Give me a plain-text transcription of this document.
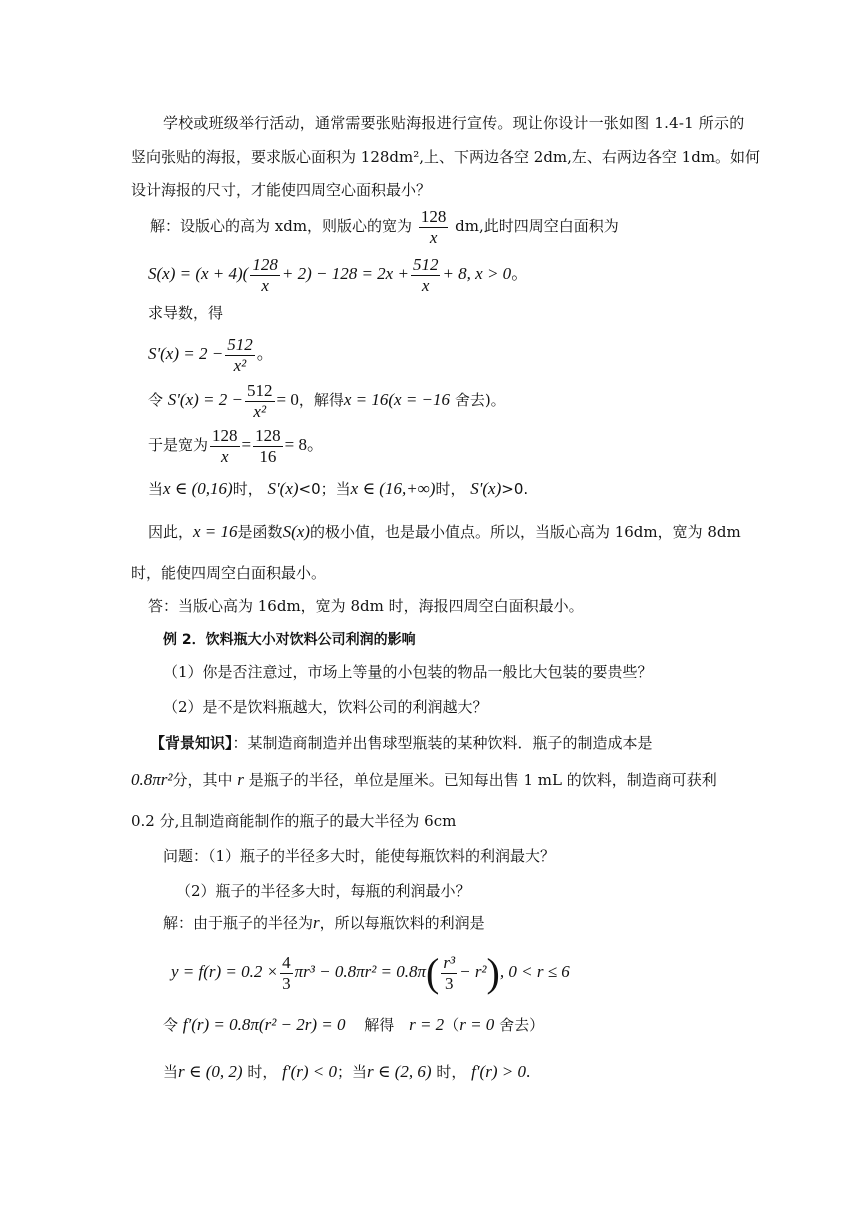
学校或班级举行活动，通常需要张贴海报进行宣传。现让你设计一张如图 1.4-1 所示的
竖向张贴的海报，要求版心面积为 128dm²,上、下两边各空 2dm,左、右两边各空 1dm。如何
设计海报的尺寸，才能使四周空心面积最小？
解：设版心的高为 xdm，则版心的宽为 $\frac{128}{x}$ dm,此时四周空白面积为
$S(x) = (x + 4)( \frac{128}{x} + 2) - 128 = 2x + \frac{512}{x} + 8$, x > 0。
求导数，得
$S'(x) = 2 - \frac{512}{\text{x²}}$ 。
令 $S'(x) = 2 - \frac{512}{\text{x²}} = 0$，解得x = 16(x = −16 舍去)。
于是宽为 $\frac{128}{x} = \frac{128}{16} = 8$。
当x ∈ (0,16)时， S'(x)<0；当x ∈ (16,+∞)时， S'(x)>0.
因此，x = 16是函数S(x)的极小值，也是最小值点。所以，当版心高为 16dm，宽为 8dm
时，能使四周空白面积最小。
答：当版心高为 16dm，宽为 8dm 时，海报四周空白面积最小。
例 2．饮料瓶大小对饮料公司利润的影响
（1）你是否注意过，市场上等量的小包装的物品一般比大包装的要贵些？
（2）是不是饮料瓶越大，饮料公司的利润越大？
【背景知识】：某制造商制造并出售球型瓶装的某种饮料．瓶子的制造成本是
0.8πr²分，其中 r 是瓶子的半径，单位是厘米。已知每出售 1 mL 的饮料，制造商可获利
0.2 分,且制造商能制作的瓶子的最大半径为 6cm
问题：（1）瓶子的半径多大时，能使每瓶饮料的利润最大？
（2）瓶子的半径多大时，每瓶的利润最小？
解：由于瓶子的半径为r，所以每瓶饮料的利润是
$y = f(r) = 0.2 \times \frac{4}{3} \pi r^3 - 0.8\pi r^2 = 0.8\pi( \frac{\text{r³}}{3} - r^2)$, 0 < r ≤ 6
令 f′(r) = 0.8π(r² − 2r) = 0 解得 r = 2（r = 0 舍去）
当r ∈ (0, 2) 时， f′(r) < 0；当r ∈ (2, 6) 时， f′(r) > 0.
